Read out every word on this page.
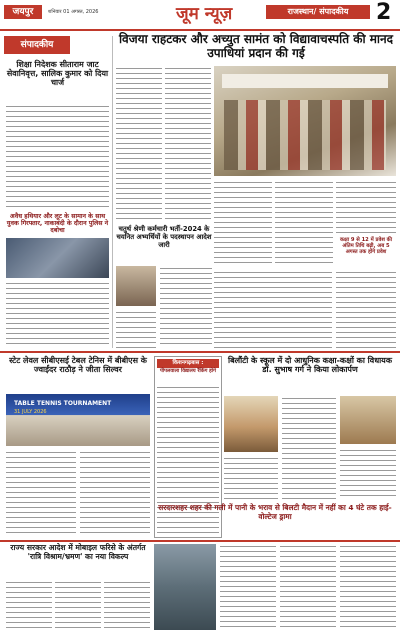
जयपुर	शनिवार 01 अगस्त, 2026	जूम न्यूज़	राजस्थान/ संपादकीय	2
संपादकीय
शिक्षा निदेशक सीताराम जाट सेवानिवृत्त, सालिक कुमार को दिया चार्ज
अवैध हथियार और लूट के सामान के साथ युवक गिरफ्तार, नाकाबंदी के दौरान पुलिस ने दबोचा
विजया राहटकर और अच्युत सामंत को विद्यावाचस्पति की मानद उपाधियां प्रदान की गई
कक्षा 9 से 12 में प्रवेश की अंतिम तिथि बढ़ी, अब 5 अगस्त तक होंगे प्रवेश
चतुर्थ श्रेणी कर्मचारी भर्ती-2024 के चयनित अभ्यर्थियों के पदस्थापन आदेश जारी
स्टेट लेवल सीबीएसई टेबल टेनिस में बीबीएस के ज्वाईंदर राठौड़ ने जीता सिल्वर
TABLE TENNIS TOURNAMENT
31 JULY 2026
किशनगढ़बास :
पीपलवाला विद्यालय रैंकिंग होगे
बिलौंटी के स्कूल में दो आधुनिक कक्षा-कक्षों का विधायक डॉ. सुभाष गर्ग ने किया लोकार्पण
राज्य सरकार आदेश में मोबाइल फरिसे के अंतर्गत 'रात्रि विश्राम/भ्रमण' का नया विकल्प
सरदारशहर शहर की गली में पानी के भराव से बिलटी मैदान में नहीं का 4 घंटे तक हाई-वोल्टेज ड्रामा
